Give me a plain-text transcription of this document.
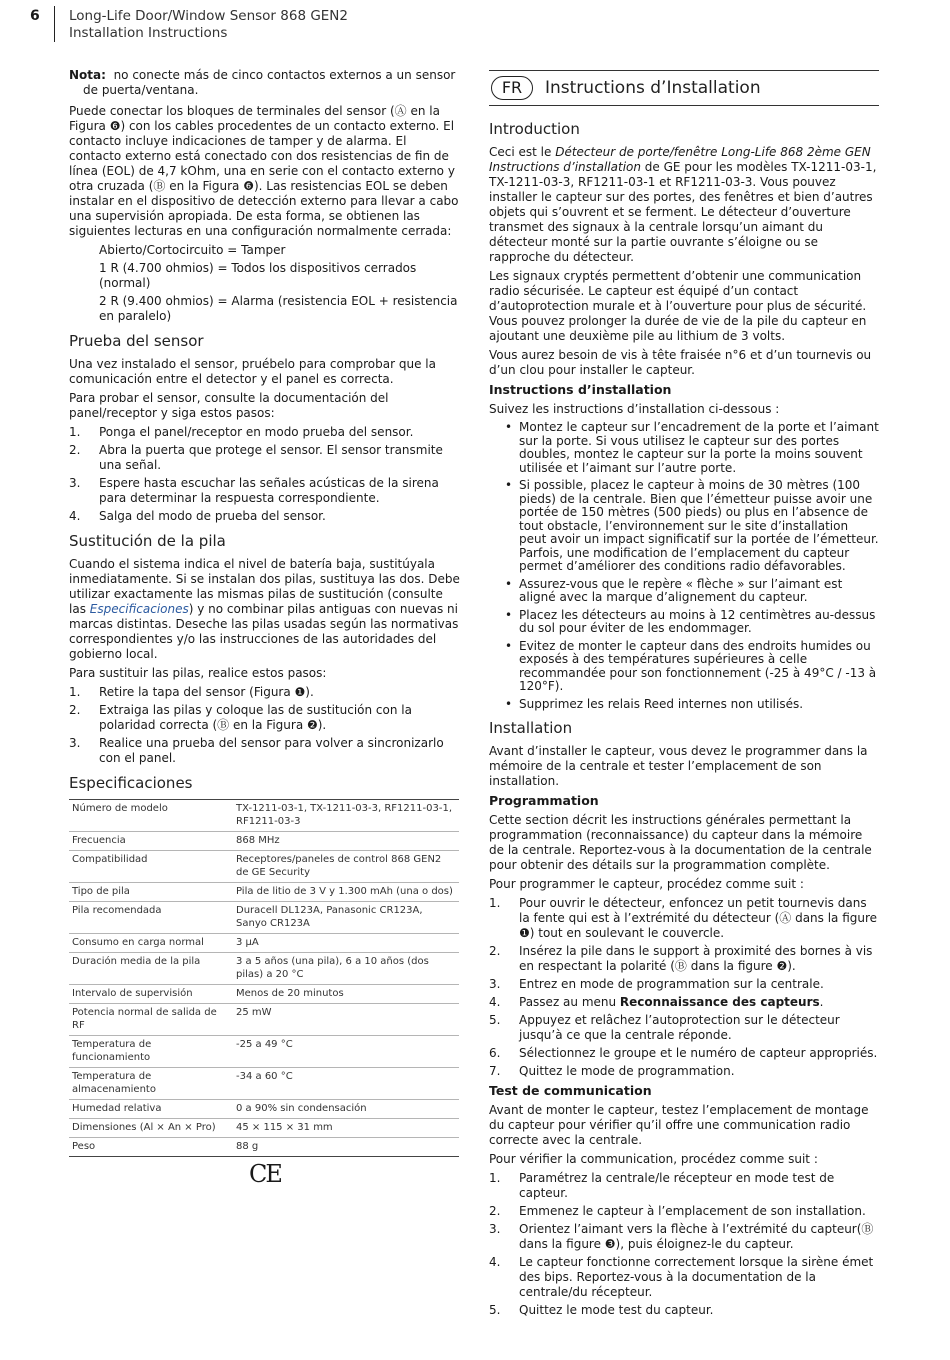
6 Long-Life Door/Window Sensor 868 GEN2
Installation Instructions

Nota: no conecte más de cinco contactos externos a un sensor de puerta/ventana.

Puede conectar los bloques de terminales del sensor (Ⓐ en la Figura ❻) con los cables procedentes de un contacto externo. El contacto incluye indicaciones de tamper y de alarma. El contacto externo está conectado con dos resistencias de fin de línea (EOL) de 4,7 kOhm, una en serie con el contacto externo y otra cruzada (Ⓑ en la Figura ❻). Las resistencias EOL se deben instalar en el dispositivo de detección externo para llevar a cabo una supervisión apropiada. De esta forma, se obtienen las siguientes lecturas en una configuración normalmente cerrada:

Abierto/Cortocircuito = Tamper
1 R (4.700 ohmios) = Todos los dispositivos cerrados (normal)
2 R (9.400 ohmios) = Alarma (resistencia EOL + resistencia en paralelo)
Prueba del sensor

Una vez instalado el sensor, pruébelo para comprobar que la comunicación entre el detector y el panel es correcta.

Para probar el sensor, consulte la documentación del panel/receptor y siga estos pasos:

1. Ponga el panel/receptor en modo prueba del sensor.
2. Abra la puerta que protege el sensor. El sensor transmite una señal.
3. Espere hasta escuchar las señales acústicas de la sirena para determinar la respuesta correspondiente.
4. Salga del modo de prueba del sensor.
Sustitución de la pila

Cuando el sistema indica el nivel de batería baja, sustitúyala inmediatamente. Si se instalan dos pilas, sustituya las dos. Debe utilizar exactamente las mismas pilas de sustitución (consulte las Especificaciones) y no combinar pilas antiguas con nuevas ni marcas distintas. Deseche las pilas usadas según las normativas correspondientes y/o las instrucciones de las autoridades del gobierno local.

Para sustituir las pilas, realice estos pasos:

1. Retire la tapa del sensor (Figura ❶).
2. Extraiga las pilas y coloque las de sustitución con la polaridad correcta (Ⓑ en la Figura ❷).
3. Realice una prueba del sensor para volver a sincronizarlo con el panel.
Especificaciones
Número de modelo	TX-1211-03-1, TX-1211-03-3, RF1211-03-1, RF1211-03-3
Frecuencia	868 MHz
Compatibilidad	Receptores/paneles de control 868 GEN2 de GE Security
Tipo de pila	Pila de litio de 3 V y 1.300 mAh (una o dos)
Pila recomendada	Duracell DL123A, Panasonic CR123A, Sanyo CR123A
Consumo en carga normal	3 µA
Duración media de la pila	3 a 5 años (una pila), 6 a 10 años (dos pilas) a 20 °C
Intervalo de supervisión	Menos de 20 minutos
Potencia normal de salida de RF	25 mW
Temperatura de funcionamiento	-25 a 49 °C
Temperatura de almacenamiento	-34 a 60 °C
Humedad relativa	0 a 90% sin condensación
Dimensiones (Al × An × Pro)	45 × 115 × 31 mm
Peso	88 g
CE
FR	Instructions d’Installation
Introduction

Ceci est le Détecteur de porte/fenêtre Long-Life 868 2ème GEN Instructions d’installation de GE pour les modèles TX-1211-03-1, TX-1211-03-3, RF1211-03-1 et RF1211-03-3. Vous pouvez installer le capteur sur des portes, des fenêtres et bien d’autres objets qui s’ouvrent et se ferment. Le détecteur d’ouverture transmet des signaux à la centrale lorsqu’un aimant du détecteur monté sur la partie ouvrante s’éloigne ou se rapproche du détecteur.

Les signaux cryptés permettent d’obtenir une communication radio sécurisée. Le capteur est équipé d’un contact d’autoprotection murale et à l’ouverture pour plus de sécurité. Vous pouvez prolonger la durée de vie de la pile du capteur en ajoutant une deuxième pile au lithium de 3 volts.

Vous aurez besoin de vis à tête fraisée n°6 et d’un tournevis ou d’un clou pour installer le capteur.

Instructions d’installation

Suivez les instructions d’installation ci-dessous :

• Montez le capteur sur l’encadrement de la porte et l’aimant sur la porte. Si vous utilisez le capteur sur des portes doubles, montez le capteur sur la porte la moins souvent utilisée et l’aimant sur l’autre porte.
• Si possible, placez le capteur à moins de 30 mètres (100 pieds) de la centrale. Bien que l’émetteur puisse avoir une portée de 150 mètres (500 pieds) ou plus en l’absence de tout obstacle, l’environnement sur le site d’installation peut avoir un impact significatif sur la portée de l’émetteur. Parfois, une modification de l’emplacement du capteur permet d’améliorer des conditions radio défavorables.
• Assurez-vous que le repère « flèche » sur l’aimant est aligné avec la marque d’alignement du capteur.
• Placez les détecteurs au moins à 12 centimètres au-dessus du sol pour éviter de les endommager.
• Evitez de monter le capteur dans des endroits humides ou exposés à des températures supérieures à celle recommandée pour son fonctionnement (-25 à 49°C / -13 à 120°F).
• Supprimez les relais Reed internes non utilisés.
Installation

Avant d’installer le capteur, vous devez le programmer dans la mémoire de la centrale et tester l’emplacement de son installation.

Programmation

Cette section décrit les instructions générales permettant la programmation (reconnaissance) du capteur dans la mémoire de la centrale. Reportez-vous à la documentation de la centrale pour obtenir des détails sur la programmation complète.

Pour programmer le capteur, procédez comme suit :

1. Pour ouvrir le détecteur, enfoncez un petit tournevis dans la fente qui est à l’extrémité du détecteur (Ⓐ dans la figure ❶) tout en soulevant le couvercle.
2. Insérez la pile dans le support à proximité des bornes à vis en respectant la polarité (Ⓑ dans la figure ❷).
3. Entrez en mode de programmation sur la centrale.
4. Passez au menu Reconnaissance des capteurs.
5. Appuyez et relâchez l’autoprotection sur le détecteur jusqu’à ce que la centrale réponde.
6. Sélectionnez le groupe et le numéro de capteur appropriés.
7. Quittez le mode de programmation.
Test de communication

Avant de monter le capteur, testez l’emplacement de montage du capteur pour vérifier qu’il offre une communication radio correcte avec la centrale.

Pour vérifier la communication, procédez comme suit :

1. Paramétrez la centrale/le récepteur en mode test de capteur.
2. Emmenez le capteur à l’emplacement de son installation.
3. Orientez l’aimant vers la flèche à l’extrémité du capteur(Ⓑ dans la figure ❸), puis éloignez-le du capteur.
4. Le capteur fonctionne correctement lorsque la sirène émet des bips. Reportez-vous à la documentation de la centrale/du récepteur.
5. Quittez le mode test du capteur.
